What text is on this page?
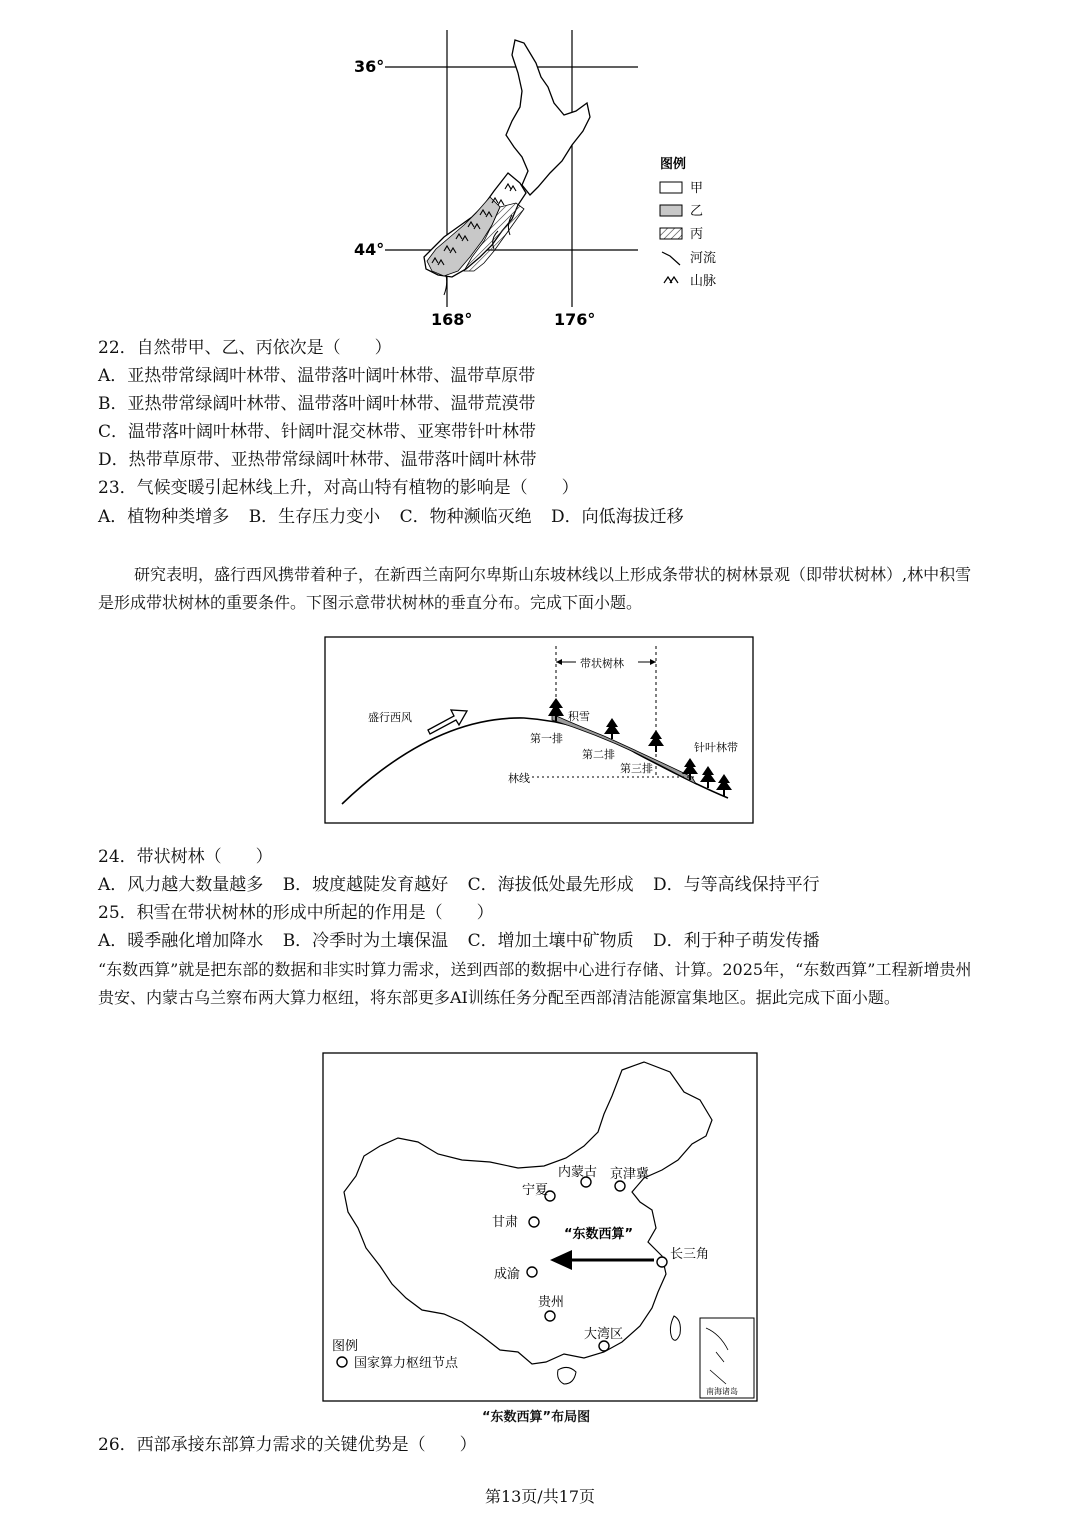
36°
44°
168°	176°
图例
甲
乙
丙
河流
山脉
22．自然带甲、乙、丙依次是（　　）
A．亚热带常绿阔叶林带、温带落叶阔叶林带、温带草原带
B．亚热带常绿阔叶林带、温带落叶阔叶林带、温带荒漠带
C．温带落叶阔叶林带、针阔叶混交林带、亚寒带针叶林带
D．热带草原带、亚热带常绿阔叶林带、温带落叶阔叶林带
23．气候变暖引起林线上升，对高山特有植物的影响是（　　）
A．植物种类增多 B．生存压力变小 C．物种濒临灭绝 D．向低海拔迁移
研究表明，盛行西风携带着种子，在新西兰南阿尔卑斯山东坡林线以上形成条带状的树林景观（即带状树林）,林中积雪是形成带状树林的重要条件。下图示意带状树林的垂直分布。完成下面小题。
带状树林
林线
盛行西风	积雪
第一排
第二排
第三排
针叶林带
24．带状树林（　　）
A．风力越大数量越多 B．坡度越陡发育越好 C．海拔低处最先形成 D．与等高线保持平行
25．积雪在带状树林的形成中所起的作用是（　　）
A．暖季融化增加降水 B．冷季时为土壤保温 C．增加土壤中矿物质 D．利于种子萌发传播
“东数西算”就是把东部的数据和非实时算力需求，送到西部的数据中心进行存储、计算。2025年，“东数西算”工程新增贵州贵安、内蒙古乌兰察布两大算力枢纽，将东部更多AI训练任务分配至西部清洁能源富集地区。据此完成下面小题。
南海诸岛
内蒙古 京津冀
宁夏
甘肃
长三角
成渝
贵州
大湾区
“东数西算”
图例
国家算力枢纽节点
“东数西算”布局图
26．西部承接东部算力需求的关键优势是（　　）
第13页/共17页
